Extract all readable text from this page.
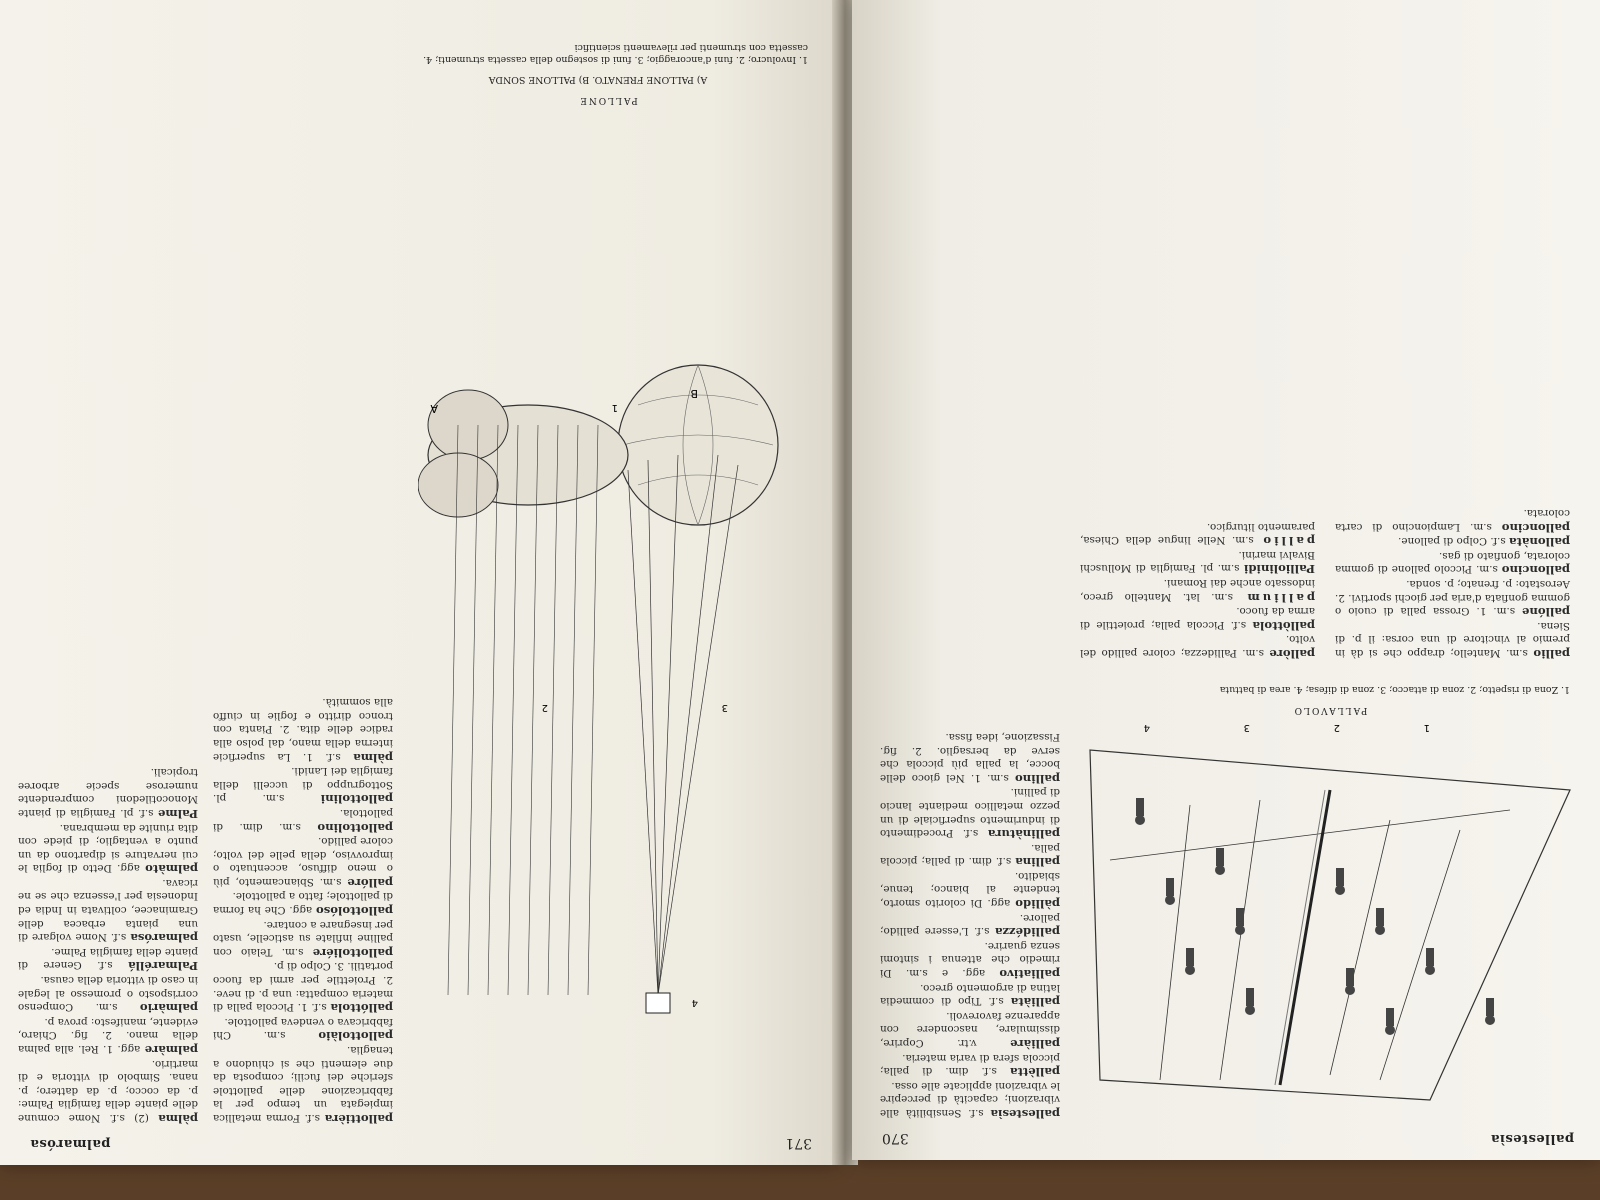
palmarósa	371
PALLONE
B
A	1
2	3
4
A) PALLONE FRENATO. B) PALLONE SONDA
1. Involucro; 2. funi d'ancoraggio; 3. funi di sostegno della cassetta strumenti; 4. cassetta con strumenti per rilevamenti scientifici

pallottièra s.f. Forma metallica impiegata un tempo per la fabbricazione delle pallottole sferiche dei fucili; composta da due elementi che si chiudono a tenaglia.

pallottolàio s.m. Chi fabbricava o vendeva pallottole.

pallóttola s.f. 1. Piccola palla di materia compatta: una p. di neve. 2. Proiettile per armi da fuoco portatili. 3. Colpo di p.

pallottoliére s.m. Telaio con palline infilate su asticelle, usato per insegnare a contare.

pallottolóso agg. Che ha forma di pallottole; fatto a pallottole.

pallóre s.m. Sbiancamento, più o meno diffuso, accentuato o improvviso, della pelle del volto; colore pallido.

pallottolino s.m. dim. di pallottola.

pallottolini s.m. pl. Sottogruppo di uccelli della famiglia dei Lanidi.

pàlma s.f. 1. La superficie interna della mano, dal polso alla radice delle dita. 2. Pianta con tronco diritto e foglie in ciuffo alla sommità.

pàlma (2) s.f. Nome comune delle piante della famiglia Palme: p. da cocco; p. da dattero; p. nana. Simbolo di vittoria e di martirio.

palmàre agg. 1. Rel. alla palma della mano. 2. fig. Chiaro, evidente, manifesto: prova p.

palmàrio s.m. Compenso corrisposto o promesso al legale in caso di vittoria della causa.

Palmaréllá s.f. Genere di piante della famiglia Palme.

palmarósa s.f. Nome volgare di una pianta erbacea delle Graminacee, coltivata in India ed Indonesia per l'essenza che se ne ricava.

palmàto agg. Detto di foglia le cui nervature si dipartono da un punto a ventaglio; di piede con dita riunite da membrana.

Palme s.f. pl. Famiglia di piante Monocotiledoni comprendente numerose specie arboree tropicali.

pallestesìa
370
1
2
3
4
PALLAVOLO
1. Zona di rispetto; 2. zona di attacco; 3. zona di difesa; 4. area di battuta

pallestesìa s.f. Sensibilità alle vibrazioni; capacità di percepire le vibrazioni applicate alle ossa.

pallètta s.f. dim. di palla; piccola sfera di varia materia.

palliàre v.tr. Coprire, dissimulare, nascondere con apparenze favorevoli.

palliàta s.f. Tipo di commedia latina di argomento greco.

palliativo agg. e s.m. Di rimedio che attenua i sintomi senza guarire.

pallidézza s.f. L'essere pallido; pallore.

pàllido agg. Di colorito smorto, tendente al bianco; tenue, sbiadito.

pallina s.f. dim. di palla; piccola palla.

pallinàtura s.f. Procedimento di indurimento superficiale di un pezzo metallico mediante lancio di pallini.

pallino s.m. 1. Nel gioco delle bocce, la palla più piccola che serve da bersaglio. 2. fig. Fissazione, idea fissa.

pallio s.m. Mantello; drappo che si dà in premio al vincitore di una corsa: il p. di Siena.

pallóne s.m. 1. Grossa palla di cuoio o gomma gonfiata d'aria per giochi sportivi. 2. Aerostato: p. frenato; p. sonda.

palloncino s.m. Piccolo pallone di gomma colorata, gonfiato di gas.

pallonàta s.f. Colpo di pallone.

palloncino s.m. Lampioncino di carta colorata.

pallòre s.m. Pallidezza; colore pallido del volto.

pallòttola s.f. Piccola palla; proiettile di arma da fuoco.

pallium s.m. lat. Mantello greco, indossato anche dai Romani.

Palliolinidi s.m. pl. Famiglia di Molluschi Bivalvi marini.

pallio s.m. Nelle lingue della Chiesa, paramento liturgico.
